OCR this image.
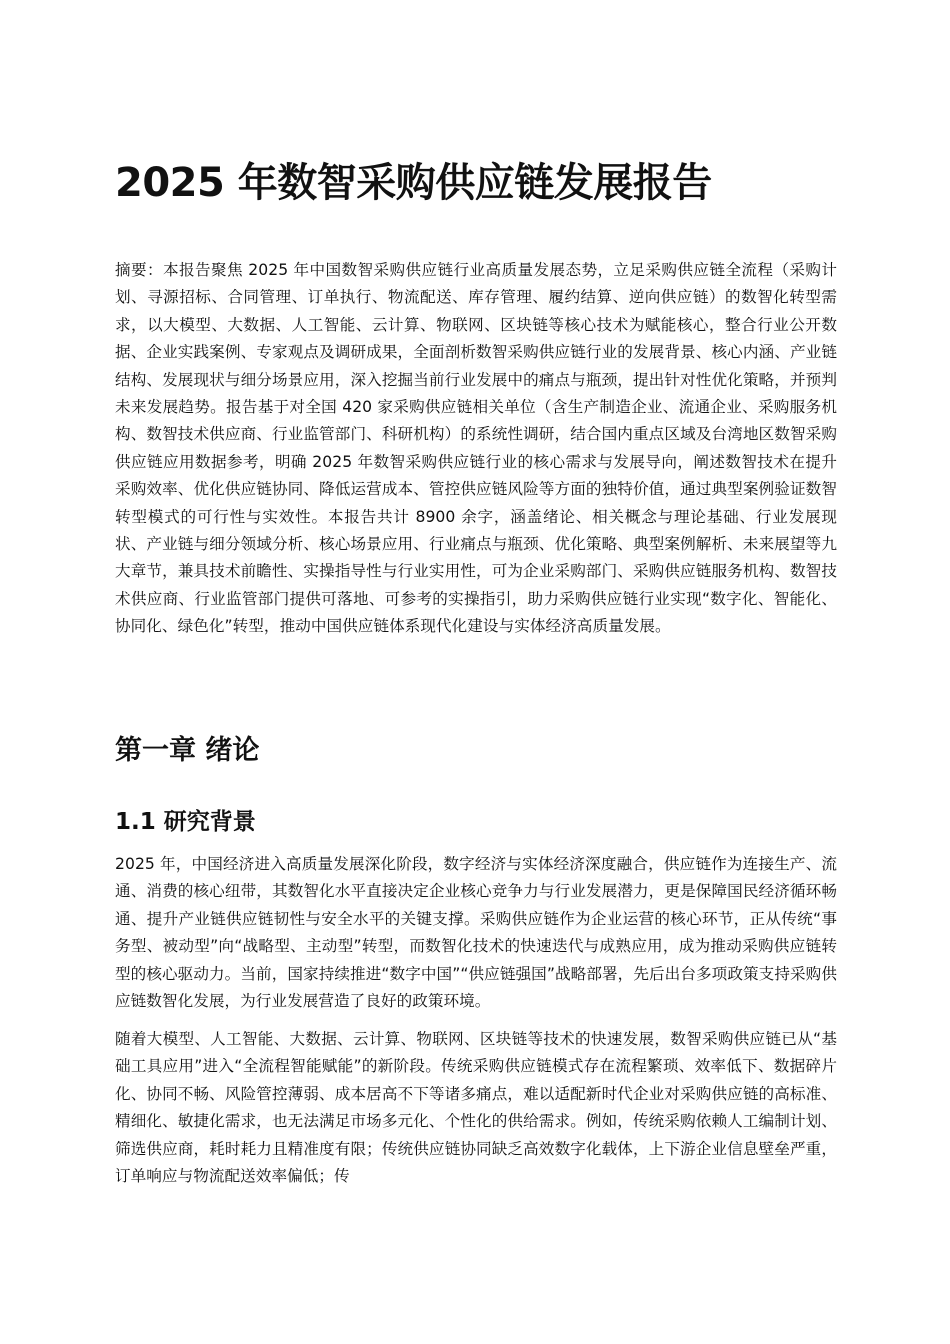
2025 年数智采购供应链发展报告

摘要：本报告聚焦 2025 年中国数智采购供应链行业高质量发展态势，立足采购供应链全流程（采购计划、寻源招标、合同管理、订单执行、物流配送、库存管理、履约结算、逆向供应链）的数智化转型需求，以大模型、大数据、人工智能、云计算、物联网、区块链等核心技术为赋能核心，整合行业公开数据、企业实践案例、专家观点及调研成果，全面剖析数智采购供应链行业的发展背景、核心内涵、产业链结构、发展现状与细分场景应用，深入挖掘当前行业发展中的痛点与瓶颈，提出针对性优化策略，并预判未来发展趋势。报告基于对全国 420 家采购供应链相关单位（含生产制造企业、流通企业、采购服务机构、数智技术供应商、行业监管部门、科研机构）的系统性调研，结合国内重点区域及台湾地区数智采购供应链应用数据参考，明确 2025 年数智采购供应链行业的核心需求与发展导向，阐述数智技术在提升采购效率、优化供应链协同、降低运营成本、管控供应链风险等方面的独特价值，通过典型案例验证数智转型模式的可行性与实效性。本报告共计 8900 余字，涵盖绪论、相关概念与理论基础、行业发展现状、产业链与细分领域分析、核心场景应用、行业痛点与瓶颈、优化策略、典型案例解析、未来展望等九大章节，兼具技术前瞻性、实操指导性与行业实用性，可为企业采购部门、采购供应链服务机构、数智技术供应商、行业监管部门提供可落地、可参考的实操指引，助力采购供应链行业实现“数字化、智能化、协同化、绿色化”转型，推动中国供应链体系现代化建设与实体经济高质量发展。

第一章 绪论
1.1 研究背景

2025 年，中国经济进入高质量发展深化阶段，数字经济与实体经济深度融合，供应链作为连接生产、流通、消费的核心纽带，其数智化水平直接决定企业核心竞争力与行业发展潜力，更是保障国民经济循环畅通、提升产业链供应链韧性与安全水平的关键支撑。采购供应链作为企业运营的核心环节，正从传统“事务型、被动型”向“战略型、主动型”转型，而数智化技术的快速迭代与成熟应用，成为推动采购供应链转型的核心驱动力。当前，国家持续推进“数字中国”“供应链强国”战略部署，先后出台多项政策支持采购供应链数智化发展，为行业发展营造了良好的政策环境。

随着大模型、人工智能、大数据、云计算、物联网、区块链等技术的快速发展，数智采购供应链已从“基础工具应用”进入“全流程智能赋能”的新阶段。传统采购供应链模式存在流程繁琐、效率低下、数据碎片化、协同不畅、风险管控薄弱、成本居高不下等诸多痛点，难以适配新时代企业对采购供应链的高标准、精细化、敏捷化需求，也无法满足市场多元化、个性化的供给需求。例如，传统采购依赖人工编制计划、筛选供应商，耗时耗力且精准度有限；传统供应链协同缺乏高效数字化载体，上下游企业信息壁垒严重，订单响应与物流配送效率偏低；传
